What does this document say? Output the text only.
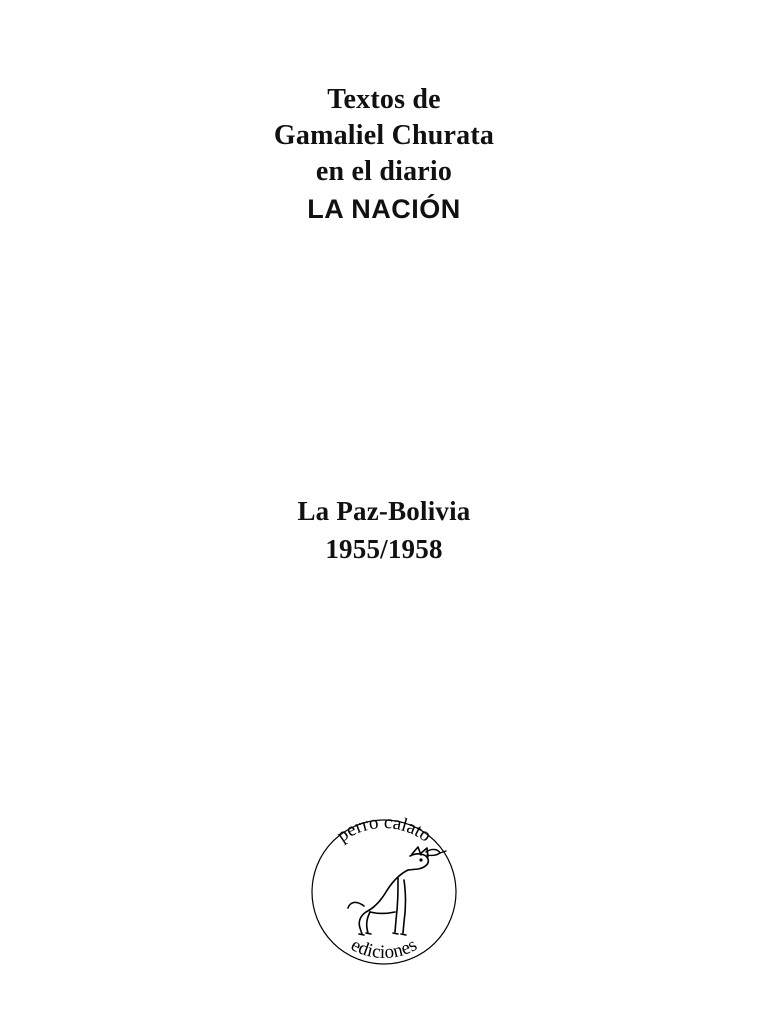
Textos de
Gamaliel Churata
en el diario
LA NACIÓN
La Paz-Bolivia
1955/1958
perro calato
ediciones
